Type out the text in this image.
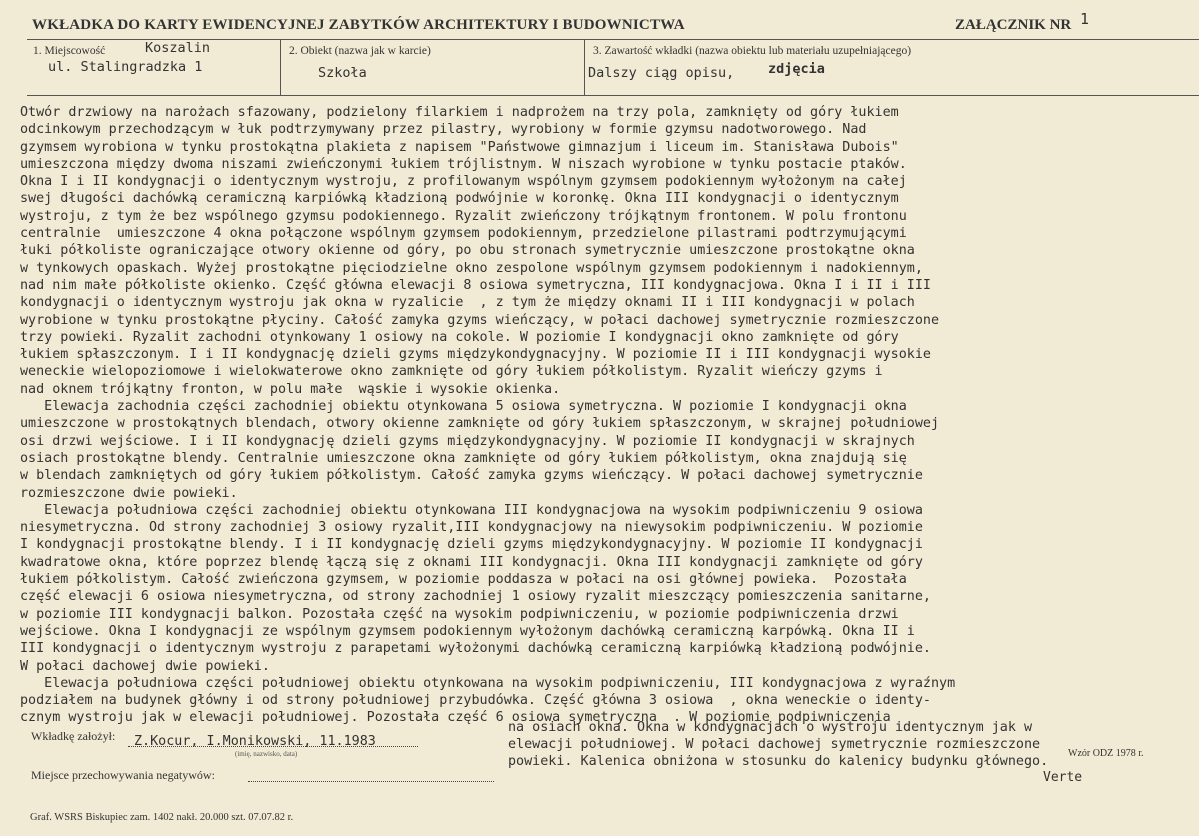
WKŁADKA DO KARTY EWIDENCYJNEJ ZABYTKÓW ARCHITEKTURY I BUDOWNICTWA	ZAŁĄCZNIK NR 1
1. Miejscowość	Koszalin
ul. Stalingradzka 1
2. Obiekt (nazwa jak w karcie)
Szkoła
3. Zawartość wkładki (nazwa obiektu lub materiału uzupełniającego)
Dalszy ciąg opisu, zdjęcia
Otwór drzwiowy na narożach sfazowany, podzielony filarkiem i nadprożem na trzy pola, zamknięty od góry łukiem
odcinkowym przechodzącym w łuk podtrzymywany przez pilastry, wyrobiony w formie gzymsu nadotworowego. Nad
gzymsem wyrobiona w tynku prostokątna plakieta z napisem "Państwowe gimnazjum i liceum im. Stanisława Dubois"
umieszczona między dwoma niszami zwieńczonymi łukiem trójlistnym. W niszach wyrobione w tynku postacie ptaków.
Okna I i II kondygnacji o identycznym wystroju, z profilowanym wspólnym gzymsem podokiennym wyłożonym na całej
swej długości dachówką ceramiczną karpiówką kładzioną podwójnie w koronkę. Okna III kondygnacji o identycznym
wystroju, z tym że bez wspólnego gzymsu podokiennego. Ryzalit zwieńczony trójkątnym frontonem. W polu frontonu
centralnie  umieszczone 4 okna połączone wspólnym gzymsem podokiennym, przedzielone pilastrami podtrzymującymi
łuki półkoliste ograniczające otwory okienne od góry, po obu stronach symetrycznie umieszczone prostokątne okna
w tynkowych opaskach. Wyżej prostokątne pięciodzielne okno zespolone wspólnym gzymsem podokiennym i nadokiennym,
nad nim małe półkoliste okienko. Część główna elewacji 8 osiowa symetryczna, III kondygnacjowa. Okna I i II i III
kondygnacji o identycznym wystroju jak okna w ryzalicie  , z tym że między oknami II i III kondygnacji w polach
wyrobione w tynku prostokątne płyciny. Całość zamyka gzyms wieńczący, w połaci dachowej symetrycznie rozmieszczone
trzy powieki. Ryzalit zachodni otynkowany 1 osiowy na cokole. W poziomie I kondygnacji okno zamknięte od góry
łukiem spłaszczonym. I i II kondygnację dzieli gzyms międzykondygnacyjny. W poziomie II i III kondygnacji wysokie
weneckie wielopoziomowe i wielokwaterowe okno zamknięte od góry łukiem półkolistym. Ryzalit wieńczy gzyms i
nad oknem trójkątny fronton, w polu małe  wąskie i wysokie okienka.
Elewacja zachodnia części zachodniej obiektu otynkowana 5 osiowa symetryczna. W poziomie I kondygnacji okna
umieszczone w prostokątnych blendach, otwory okienne zamknięte od góry łukiem spłaszczonym, w skrajnej południowej
osi drzwi wejściowe. I i II kondygnację dzieli gzyms międzykondygnacyjny. W poziomie II kondygnacji w skrajnych
osiach prostokątne blendy. Centralnie umieszczone okna zamknięte od góry łukiem półkolistym, okna znajdują się
w blendach zamkniętych od góry łukiem półkolistym. Całość zamyka gzyms wieńczący. W połaci dachowej symetrycznie
rozmieszczone dwie powieki.
Elewacja południowa części zachodniej obiektu otynkowana III kondygnacjowa na wysokim podpiwniczeniu 9 osiowa
niesymetryczna. Od strony zachodniej 3 osiowy ryzalit,III kondygnacjowy na niewysokim podpiwniczeniu. W poziomie
I kondygnacji prostokątne blendy. I i II kondygnację dzieli gzyms międzykondygnacyjny. W poziomie II kondygnacji
kwadratowe okna, które poprzez blendę łączą się z oknami III kondygnacji. Okna III kondygnacji zamknięte od góry
łukiem półkolistym. Całość zwieńczona gzymsem, w poziomie poddasza w połaci na osi głównej powieka.  Pozostała
część elewacji 6 osiowa niesymetryczna, od strony zachodniej 1 osiowy ryzalit mieszczący pomieszczenia sanitarne,
w poziomie III kondygnacji balkon. Pozostała część na wysokim podpiwniczeniu, w poziomie podpiwniczenia drzwi
wejściowe. Okna I kondygnacji ze wspólnym gzymsem podokiennym wyłożonym dachówką ceramiczną karpówką. Okna II i
III kondygnacji o identycznym wystroju z parapetami wyłożonymi dachówką ceramiczną karpiówką kładzioną podwójnie.
W połaci dachowej dwie powieki.
Elewacja południowa części południowej obiektu otynkowana na wysokim podpiwniczeniu, III kondygnacjowa z wyraźnym
podziałem na budynek główny i od strony południowej przybudówka. Część główna 3 osiowa  , okna weneckie o identy-
cznym wystroju jak w elewacji południowej. Pozostała część 6 osiowa symetryczna  . W poziomie podpiwniczenia
na osiach okna. Okna w kondygnacjach o wystroju identycznym jak w
elewacji południowej. W połaci dachowej symetrycznie rozmieszczone
powieki. Kalenica obniżona w stosunku do kalenicy budynku głównego.
Wkładkę założył: Z.Kocur, I.Monikowski, 11.1983
(imię, nazwisko, data)
Miejsce przechowywania negatywów:
Wzór ODZ 1978 r.
Verte
Graf. WSRS Biskupiec zam. 1402 nakł. 20.000 szt. 07.07.82 r.
